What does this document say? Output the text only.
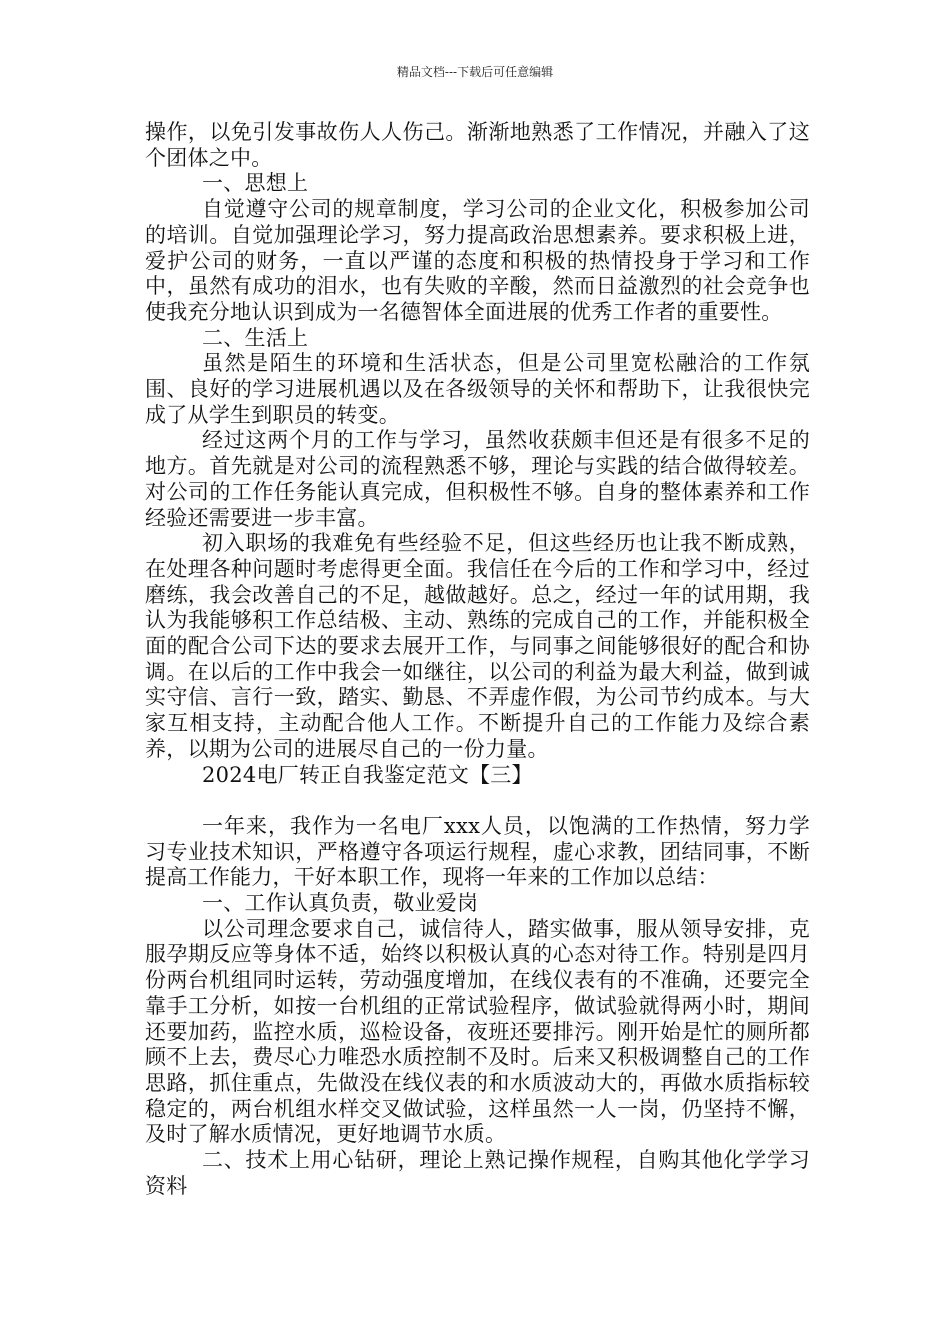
精品文档---下载后可任意编辑

操作，以免引发事故伤人人伤己。渐渐地熟悉了工作情况，并融入了这个团体之中。

一、思想上

自觉遵守公司的规章制度，学习公司的企业文化，积极参加公司的培训。自觉加强理论学习，努力提高政治思想素养。要求积极上进，爱护公司的财务，一直以严谨的态度和积极的热情投身于学习和工作中，虽然有成功的泪水，也有失败的辛酸，然而日益激烈的社会竞争也使我充分地认识到成为一名德智体全面进展的优秀工作者的重要性。

二、生活上

虽然是陌生的环境和生活状态，但是公司里宽松融洽的工作氛围、良好的学习进展机遇以及在各级领导的关怀和帮助下，让我很快完成了从学生到职员的转变。

经过这两个月的工作与学习，虽然收获颇丰但还是有很多不足的地方。首先就是对公司的流程熟悉不够，理论与实践的结合做得较差。对公司的工作任务能认真完成，但积极性不够。自身的整体素养和工作经验还需要进一步丰富。

初入职场的我难免有些经验不足，但这些经历也让我不断成熟，在处理各种问题时考虑得更全面。我信任在今后的工作和学习中，经过磨练，我会改善自己的不足，越做越好。总之，经过一年的试用期，我认为我能够积工作总结极、主动、熟练的完成自己的工作，并能积极全面的配合公司下达的要求去展开工作，与同事之间能够很好的配合和协调。在以后的工作中我会一如继往，以公司的利益为最大利益，做到诚实守信、言行一致，踏实、勤恳、不弄虚作假，为公司节约成本。与大家互相支持，主动配合他人工作。不断提升自己的工作能力及综合素养，以期为公司的进展尽自己的一份力量。

2024电厂转正自我鉴定范文【三】

一年来，我作为一名电厂xxx人员，以饱满的工作热情，努力学习专业技术知识，严格遵守各项运行规程，虚心求教，团结同事，不断提高工作能力，干好本职工作，现将一年来的工作加以总结：

一、工作认真负责，敬业爱岗

以公司理念要求自己，诚信待人，踏实做事，服从领导安排，克服孕期反应等身体不适，始终以积极认真的心态对待工作。特别是四月份两台机组同时运转，劳动强度增加，在线仪表有的不准确，还要完全靠手工分析，如按一台机组的正常试验程序，做试验就得两小时，期间还要加药，监控水质，巡检设备，夜班还要排污。刚开始是忙的厕所都顾不上去，费尽心力唯恐水质控制不及时。后来又积极调整自己的工作思路，抓住重点，先做没在线仪表的和水质波动大的，再做水质指标较稳定的，两台机组水样交叉做试验，这样虽然一人一岗，仍坚持不懈，及时了解水质情况，更好地调节水质。

二、技术上用心钻研，理论上熟记操作规程，自购其他化学学习资料
